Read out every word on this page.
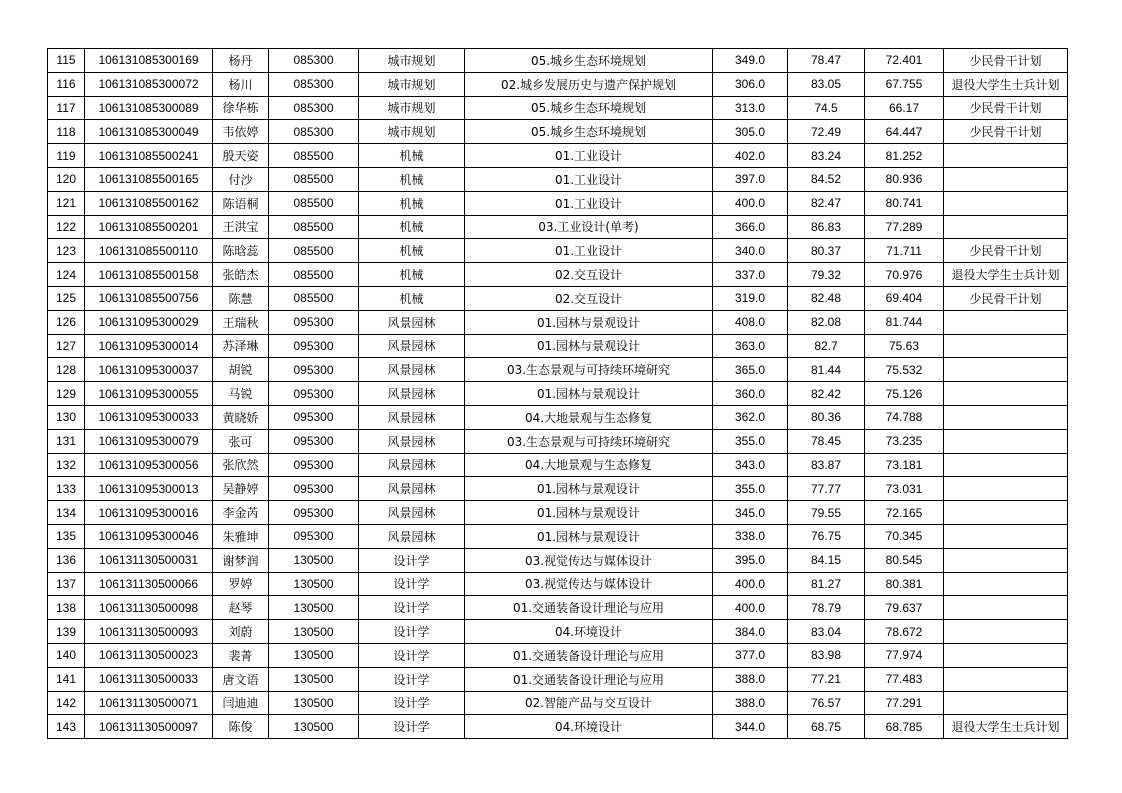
115	106131085300169	杨丹	085300	城市规划	05.城乡生态环境规划	349.0	78.47	72.401	少民骨干计划
116	106131085300072	杨川	085300	城市规划	02.城乡发展历史与遗产保护规划	306.0	83.05	67.755	退役大学生士兵计划
117	106131085300089	徐华栋	085300	城市规划	05.城乡生态环境规划	313.0	74.5	66.17	少民骨干计划
118	106131085300049	韦依婷	085300	城市规划	05.城乡生态环境规划	305.0	72.49	64.447	少民骨干计划
119	106131085500241	殷天姿	085500	机械	01.工业设计	402.0	83.24	81.252	
120	106131085500165	付沙	085500	机械	01.工业设计	397.0	84.52	80.936	
121	106131085500162	陈语桐	085500	机械	01.工业设计	400.0	82.47	80.741	
122	106131085500201	王洪宝	085500	机械	03.工业设计(单考)	366.0	86.83	77.289	
123	106131085500110	陈晗蕊	085500	机械	01.工业设计	340.0	80.37	71.711	少民骨干计划
124	106131085500158	张皓杰	085500	机械	02.交互设计	337.0	79.32	70.976	退役大学生士兵计划
125	106131085500756	陈慧	085500	机械	02.交互设计	319.0	82.48	69.404	少民骨干计划
126	106131095300029	王瑞秋	095300	风景园林	01.园林与景观设计	408.0	82.08	81.744	
127	106131095300014	苏泽琳	095300	风景园林	01.园林与景观设计	363.0	82.7	75.63	
128	106131095300037	胡锐	095300	风景园林	03.生态景观与可持续环境研究	365.0	81.44	75.532	
129	106131095300055	马锐	095300	风景园林	01.园林与景观设计	360.0	82.42	75.126	
130	106131095300033	黄晓娇	095300	风景园林	04.大地景观与生态修复	362.0	80.36	74.788	
131	106131095300079	张可	095300	风景园林	03.生态景观与可持续环境研究	355.0	78.45	73.235	
132	106131095300056	张欣然	095300	风景园林	04.大地景观与生态修复	343.0	83.87	73.181	
133	106131095300013	吴静婷	095300	风景园林	01.园林与景观设计	355.0	77.77	73.031	
134	106131095300016	李金芮	095300	风景园林	01.园林与景观设计	345.0	79.55	72.165	
135	106131095300046	朱雅坤	095300	风景园林	01.园林与景观设计	338.0	76.75	70.345	
136	106131130500031	谢梦润	130500	设计学	03.视觉传达与媒体设计	395.0	84.15	80.545	
137	106131130500066	罗婷	130500	设计学	03.视觉传达与媒体设计	400.0	81.27	80.381	
138	106131130500098	赵琴	130500	设计学	01.交通装备设计理论与应用	400.0	78.79	79.637	
139	106131130500093	刘蔚	130500	设计学	04.环境设计	384.0	83.04	78.672	
140	106131130500023	裴菁	130500	设计学	01.交通装备设计理论与应用	377.0	83.98	77.974	
141	106131130500033	唐文语	130500	设计学	01.交通装备设计理论与应用	388.0	77.21	77.483	
142	106131130500071	闫迪迪	130500	设计学	02.智能产品与交互设计	388.0	76.57	77.291	
143	106131130500097	陈俊	130500	设计学	04.环境设计	344.0	68.75	68.785	退役大学生士兵计划
